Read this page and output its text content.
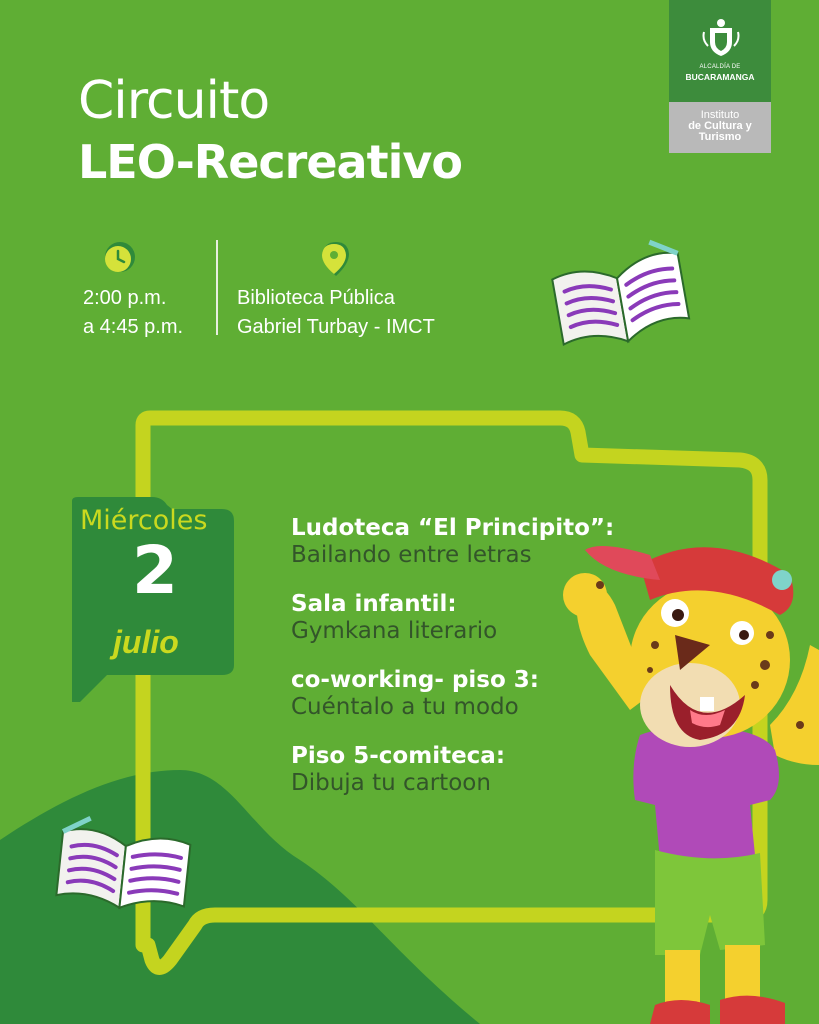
Circuito
LEO-Recreativo
ALCALDÍA DE
BUCARAMANGA
Instituto
de Cultura y
Turismo
2:00 p.m.
a 4:45 p.m.
Biblioteca Pública
Gabriel Turbay - IMCT
Miércoles
2
julio
Ludoteca “El Principito”:
Bailando entre letras
Sala infantil:
Gymkana literario
co-working- piso 3:
Cuéntalo a tu modo
Piso 5-comiteca:
Dibuja tu cartoon
